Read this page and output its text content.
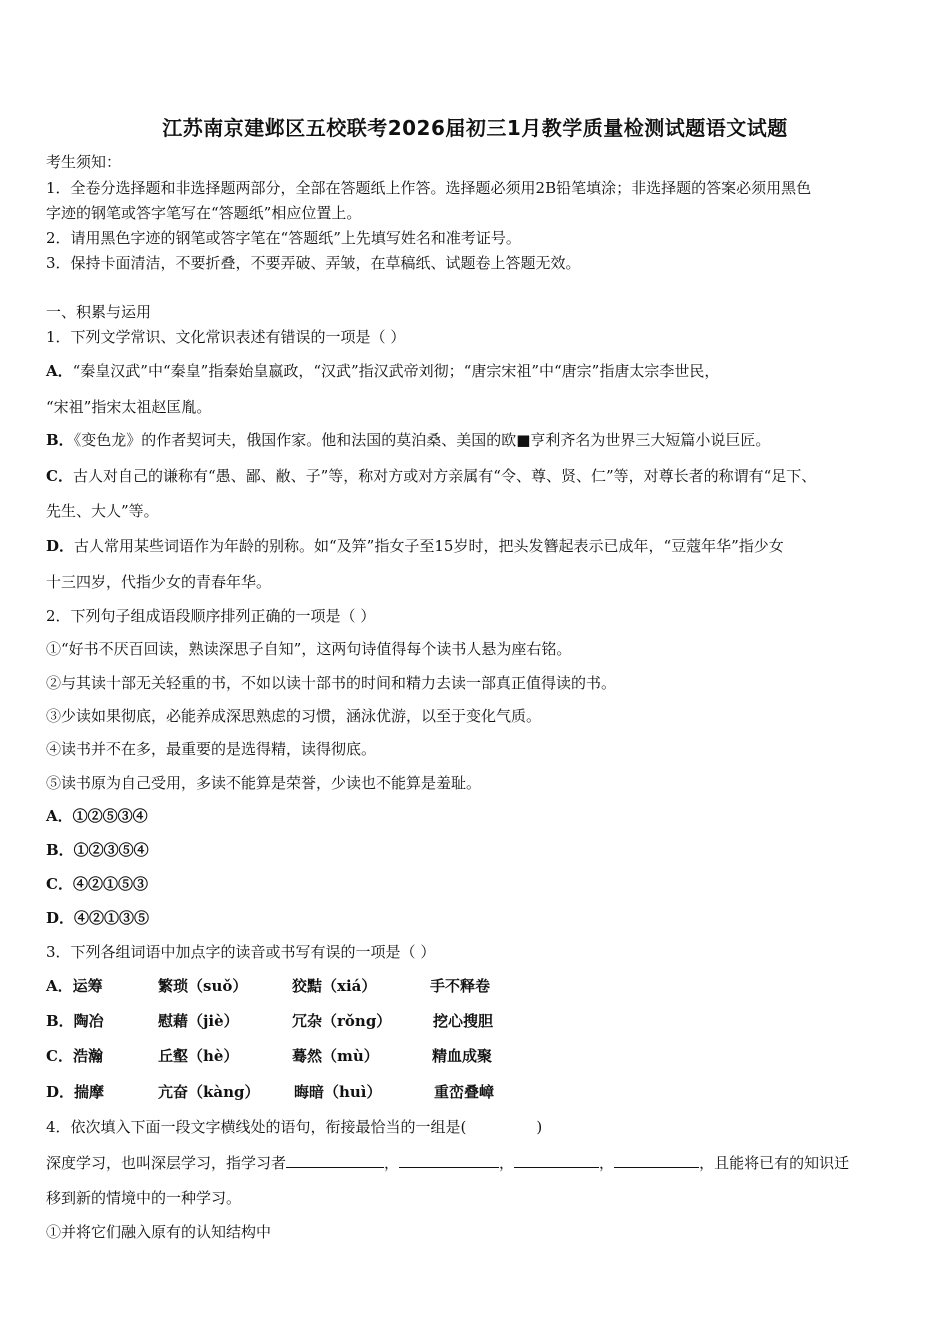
江苏南京建邺区五校联考2026届初三1月教学质量检测试题语文试题
考生须知：
1．全卷分选择题和非选择题两部分，全部在答题纸上作答。选择题必须用2B铅笔填涂；非选择题的答案必须用黑色
字迹的钢笔或答字笔写在“答题纸”相应位置上。
2．请用黑色字迹的钢笔或答字笔在“答题纸”上先填写姓名和准考证号。
3．保持卡面清洁，不要折叠，不要弄破、弄皱，在草稿纸、试题卷上答题无效。
一、积累与运用
1．下列文学常识、文化常识表述有错误的一项是（ ）
A．“秦皇汉武”中“秦皇”指秦始皇嬴政，“汉武”指汉武帝刘彻；“唐宗宋祖”中“唐宗”指唐太宗李世民，
“宋祖”指宋太祖赵匡胤。
B．《变色龙》的作者契诃夫，俄国作家。他和法国的莫泊桑、美国的欧■亨利齐名为世界三大短篇小说巨匠。
C．古人对自己的谦称有“愚、鄙、敝、子”等，称对方或对方亲属有“令、尊、贤、仁”等，对尊长者的称谓有“足下、
先生、大人”等。
D．古人常用某些词语作为年龄的别称。如“及笄”指女子至15岁时，把头发簪起表示已成年，“豆蔻年华”指少女
十三四岁，代指少女的青春年华。
2．下列句子组成语段顺序排列正确的一项是（ ）
①“好书不厌百回读，熟读深思子自知”，这两句诗值得每个读书人悬为座右铭。
②与其读十部无关轻重的书，不如以读十部书的时间和精力去读一部真正值得读的书。
③少读如果彻底，必能养成深思熟虑的习惯，涵泳优游，以至于变化气质。
④读书并不在多，最重要的是选得精，读得彻底。
⑤读书原为自己受用，多读不能算是荣誉，少读也不能算是羞耻。
A．①②⑤③④
B．①②③⑤④
C．④②①⑤③
D．④②①③⑤
3．下列各组词语中加点字的读音或书写有误的一项是（ ）
A．运筹	繁琐（suǒ）	狡黠（xiá）	手不释卷
B．陶冶	慰藉（jiè）	冗杂（rǒng）	挖心搜胆
C．浩瀚	丘壑（hè）	蓦然（mù）	精血成聚
D．揣摩	亢奋（kàng） 晦暗（huì）	重峦叠嶂
4．依次填入下面一段文字横线处的语句，衔接最恰当的一组是(	)
深度学习，也叫深层学习，指学习者	，	，	，	，且能将已有的知识迁
移到新的情境中的一种学习。
①并将它们融入原有的认知结构中
